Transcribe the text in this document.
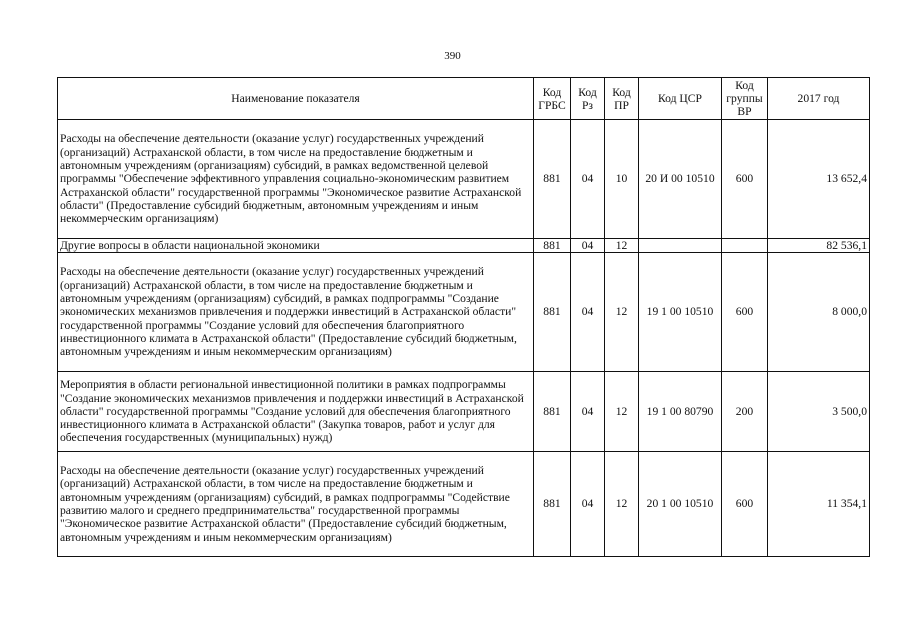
390
Наименование показателя	Код ГРБС	Код Рз	Код ПР	Код ЦСР	Код группы ВР	2017 год
Расходы на обеспечение деятельности (оказание услуг) государственных учреждений (организаций) Астраханской области, в том числе на предоставление бюджетным и автономным учреждениям (организациям) субсидий, в рамках ведомственной целевой программы "Обеспечение эффективного управления социально-экономическим развитием Астраханской области" государственной программы "Экономическое развитие Астраханской области" (Предоставление субсидий бюджетным, автономным учреждениям и иным некоммерческим организациям)	881	04	10	20 И 00 10510	600	13 652,4
Другие вопросы в области национальной экономики	881	04	12			82 536,1
Расходы на обеспечение деятельности (оказание услуг) государственных учреждений (организаций) Астраханской области, в том числе на предоставление бюджетным и автономным учреждениям (организациям) субсидий, в рамках подпрограммы "Создание экономических механизмов привлечения и поддержки инвестиций в Астраханской области" государственной программы "Создание условий для обеспечения благоприятного инвестиционного климата в Астраханской области" (Предоставление субсидий бюджетным, автономным учреждениям и иным некоммерческим организациям)	881	04	12	19 1 00 10510	600	8 000,0
Мероприятия в области региональной инвестиционной политики в рамках подпрограммы "Создание экономических механизмов привлечения и поддержки инвестиций в Астраханской области" государственной программы "Создание условий для обеспечения благоприятного инвестиционного климата в Астраханской области" (Закупка товаров, работ и услуг для обеспечения государственных (муниципальных) нужд)	881	04	12	19 1 00 80790	200	3 500,0
Расходы на обеспечение деятельности (оказание услуг) государственных учреждений (организаций) Астраханской области, в том числе на предоставление бюджетным и автономным учреждениям (организациям) субсидий, в рамках подпрограммы "Содействие развитию малого и среднего предпринимательства" государственной программы "Экономическое развитие Астраханской области" (Предоставление субсидий бюджетным, автономным учреждениям и иным некоммерческим организациям)	881	04	12	20 1 00 10510	600	11 354,1
